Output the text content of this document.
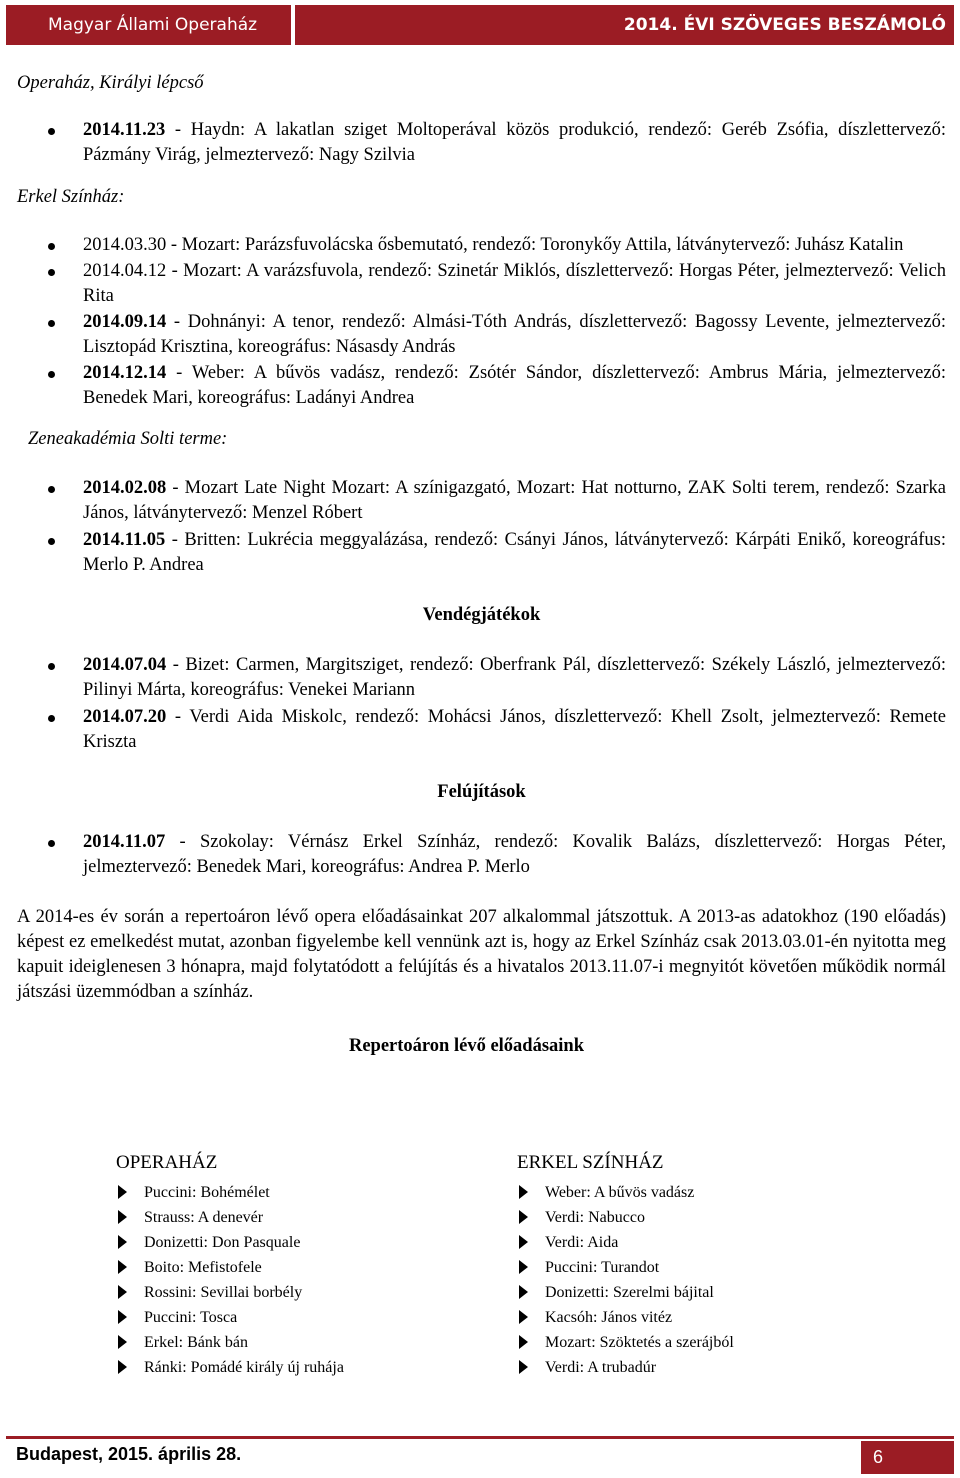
Magyar Állami Operaház	2014. ÉVI SZÖVEGES BESZÁMOLÓ

Operaház, Királyi lépcső

2014.11.23 - Haydn: A lakatlan sziget Moltoperával közös produkció, rendező: Geréb Zsófia, díszlettervező: Pázmány Virág, jelmeztervező: Nagy Szilvia

Erkel Színház:

2014.03.30 - Mozart: Parázsfuvolácska ősbemutató, rendező: Toronykőy Attila, látványtervező: Juhász Katalin
2014.04.12 - Mozart: A varázsfuvola, rendező: Szinetár Miklós, díszlettervező: Horgas Péter, jelmeztervező: Velich Rita
2014.09.14 - Dohnányi: A tenor, rendező: Almási-Tóth András, díszlettervező: Bagossy Levente, jelmeztervező: Lisztopád Krisztina, koreográfus: Násasdy András
2014.12.14 - Weber: A bűvös vadász, rendező: Zsótér Sándor, díszlettervező: Ambrus Mária, jelmeztervező: Benedek Mari, koreográfus: Ladányi Andrea

Zeneakadémia Solti terme:

2014.02.08 - Mozart Late Night Mozart: A színigazgató, Mozart: Hat notturno, ZAK Solti terem, rendező: Szarka János, látványtervező: Menzel Róbert
2014.11.05 - Britten: Lukrécia meggyalázása, rendező: Csányi János, látványtervező: Kárpáti Enikő, koreográfus: Merlo P. Andrea

Vendégjátékok

2014.07.04 - Bizet: Carmen, Margitsziget, rendező: Oberfrank Pál, díszlettervező: Székely László, jelmeztervező: Pilinyi Márta, koreográfus: Venekei Mariann
2014.07.20 - Verdi Aida Miskolc, rendező: Mohácsi János, díszlettervező: Khell Zsolt, jelmeztervező: Remete Kriszta

Felújítások

2014.11.07 - Szokolay: Vérnász Erkel Színház, rendező: Kovalik Balázs, díszlettervező: Horgas Péter, jelmeztervező: Benedek Mari, koreográfus: Andrea P. Merlo

A 2014-es év során a repertoáron lévő opera előadásainkat 207 alkalommal játszottuk. A 2013-as adatokhoz (190 előadás) képest ez emelkedést mutat, azonban figyelembe kell vennünk azt is, hogy az Erkel Színház csak 2013.03.01-én nyitotta meg kapuit ideiglenesen 3 hónapra, majd folytatódott a felújítás és a hivatalos 2013.11.07-i megnyitót követően működik normál játszási üzemmódban a színház.

Repertoáron lévő előadásaink

OPERAHÁZ
Puccini: Bohémélet
Strauss: A denevér
Donizetti: Don Pasquale
Boito: Mefistofele
Rossini: Sevillai borbély
Puccini: Tosca
Erkel: Bánk bán
Ránki: Pomádé király új ruhája
ERKEL SZÍNHÁZ
Weber: A bűvös vadász
Verdi: Nabucco
Verdi: Aida
Puccini: Turandot
Donizetti: Szerelmi bájital
Kacsóh: János vitéz
Mozart: Szöktetés a szerájból
Verdi: A trubadúr
Budapest, 2015. április 28.	6
